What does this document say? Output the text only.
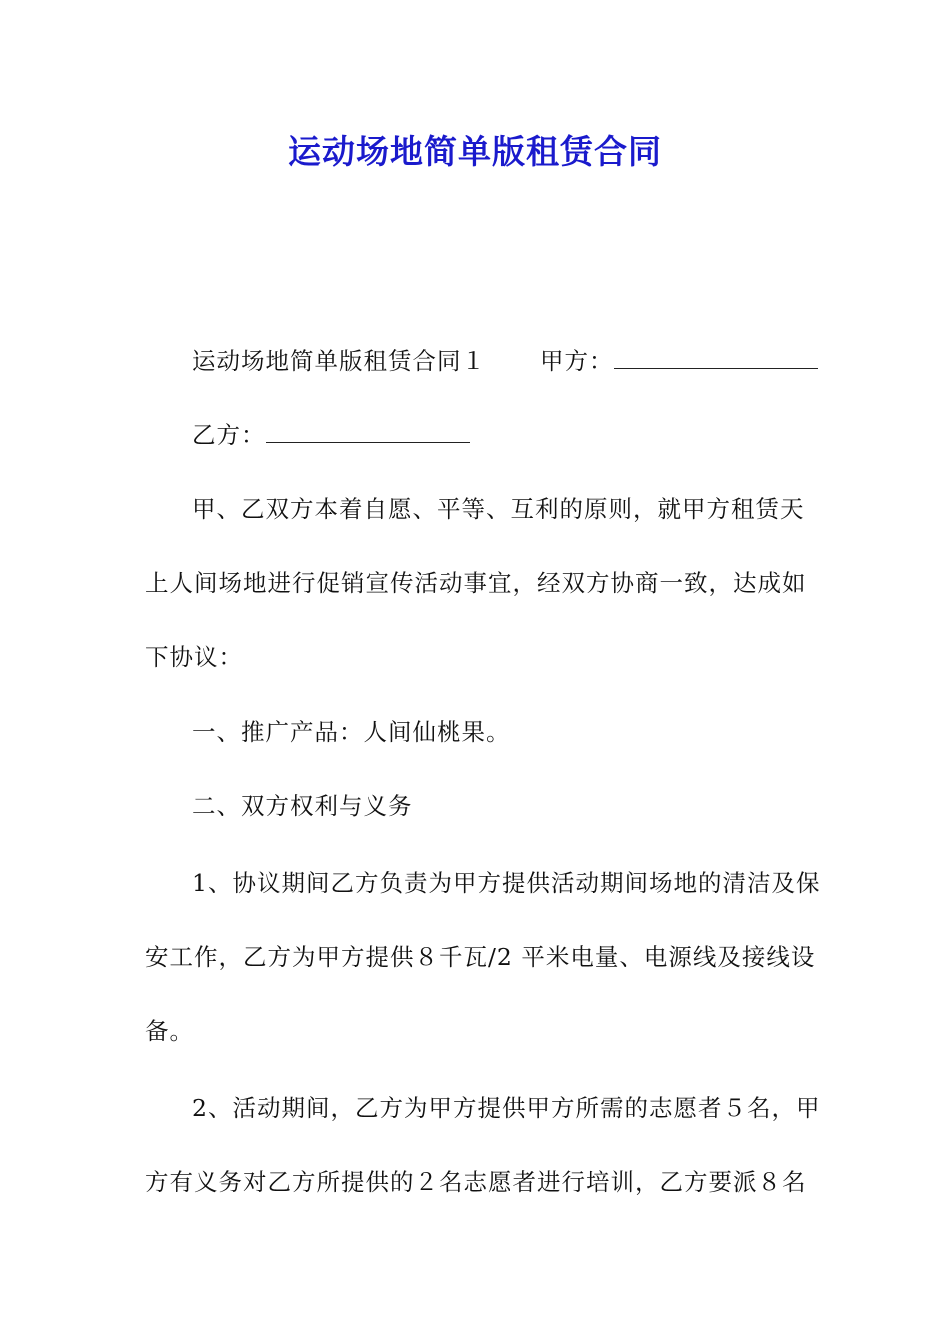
运动场地简单版租赁合同
运动场地简单版租赁合同１ 甲方：
乙方：
甲、乙双方本着自愿、平等、互利的原则，就甲方租赁天
上人间场地进行促销宣传活动事宜，经双方协商一致，达成如
下协议：
一、推广产品：人间仙桃果。
二、双方权利与义务
1、协议期间乙方负责为甲方提供活动期间场地的清洁及保
安工作，乙方为甲方提供８千瓦/2 平米电量、电源线及接线设
备。
2、活动期间，乙方为甲方提供甲方所需的志愿者５名，甲
方有义务对乙方所提供的２名志愿者进行培训，乙方要派８名
